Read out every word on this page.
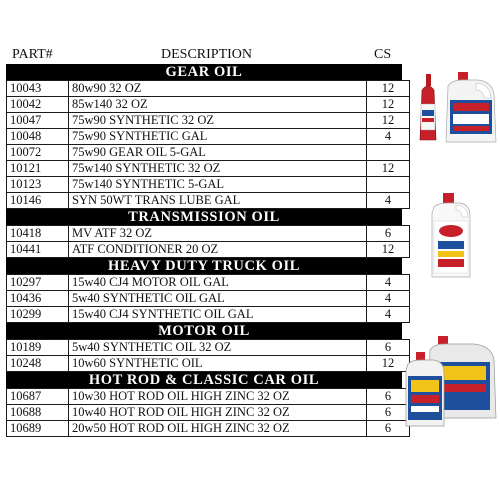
PART#	DESCRIPTION	CS
GEAR OIL
10043	80w90 32 OZ	12
10042	85w140 32 OZ	12
10047	75w90 SYNTHETIC 32 OZ	12
10048	75w90 SYNTHETIC GAL	4
10072	75w90 GEAR OIL 5-GAL	
10121	75w140 SYNTHETIC 32 OZ	12
10123	75w140 SYNTHETIC 5-GAL	
10146	SYN 50WT TRANS LUBE GAL	4
TRANSMISSION OIL
10418	MV ATF 32 OZ	6
10441	ATF CONDITIONER 20 OZ	12
HEAVY DUTY TRUCK OIL
10297	15w40 CJ4 MOTOR OIL GAL	4
10436	5w40 SYNTHETIC OIL GAL	4
10299	15w40 CJ4 SYNTHETIC OIL GAL	4
MOTOR OIL
10189	5w40 SYNTHETIC OIL 32 OZ	6
10248	10w60 SYNTHETIC OIL	12
HOT ROD & CLASSIC CAR OIL
10687	10w30 HOT ROD OIL HIGH ZINC 32 OZ	6
10688	10w40 HOT ROD OIL HIGH ZINC 32 OZ	6
10689	20w50 HOT ROD OIL HIGH ZINC 32 OZ	6
